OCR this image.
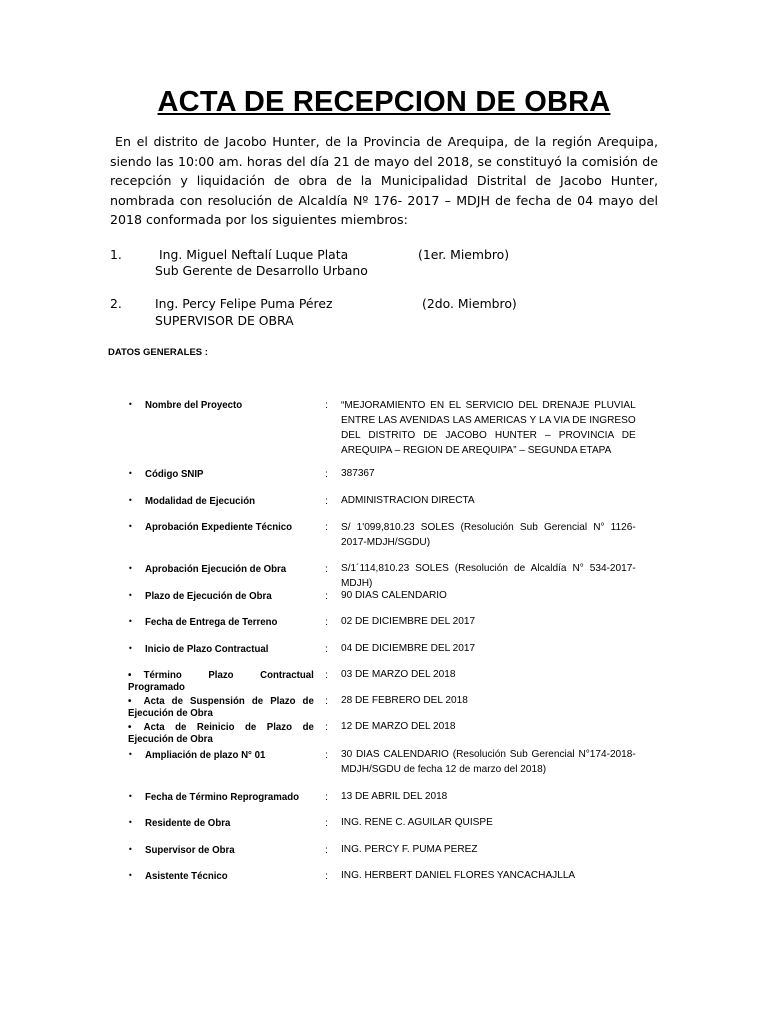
ACTA DE RECEPCION DE OBRA

En el distrito de Jacobo Hunter, de la Provincia de Arequipa, de la región Arequipa, siendo las 10:00 am. horas del día 21 de mayo del 2018, se constituyó la comisión de recepción y liquidación de obra de la Municipalidad Distrital de Jacobo Hunter, nombrada con resolución de Alcaldía Nº 176- 2017 – MDJH de fecha de 04 mayo del 2018 conformada por los siguientes miembros:

1.	Ing. Miguel Neftalí Luque Plata	(1er. Miembro)
Sub Gerente de Desarrollo Urbano
2.	Ing. Percy Felipe Puma Pérez	(2do. Miembro)
SUPERVISOR DE OBRA
DATOS GENERALES :
• Nombre del Proyecto	: “MEJORAMIENTO EN EL SERVICIO DEL DRENAJE PLUVIAL ENTRE LAS AVENIDAS LAS AMERICAS Y LA VIA DE INGRESO DEL DISTRITO DE JACOBO HUNTER – PROVINCIA DE AREQUIPA – REGION DE AREQUIPA” – SEGUNDA ETAPA
• Código SNIP	: 387367
• Modalidad de Ejecución	: ADMINISTRACION DIRECTA
• Aprobación Expediente Técnico	: S/ 1'099,810.23 SOLES (Resolución Sub Gerencial N° 1126-2017-MDJH/SGDU)
• Aprobación Ejecución de Obra	: S/1´114,810.23 SOLES (Resolución de Alcaldía N° 534-2017-MDJH)
• Plazo de Ejecución de Obra	: 90 DIAS CALENDARIO
• Fecha de Entrega de Terreno	: 02 DE DICIEMBRE DEL 2017
• Inicio de Plazo Contractual	: 04 DE DICIEMBRE DEL 2017
• Término Plazo Contractual Programado
: 03 DE MARZO DEL 2018
• Acta de Suspensión de Plazo de Ejecución de Obra
: 28 DE FEBRERO DEL 2018
• Acta de Reinicio de Plazo de Ejecución de Obra
: 12 DE MARZO DEL 2018
• Ampliación de plazo N° 01	: 30 DIAS CALENDARIO (Resolución Sub Gerencial N°174-2018-MDJH/SGDU de fecha 12 de marzo del 2018)
• Fecha de Término Reprogramado	: 13 DE ABRIL DEL 2018
• Residente de Obra	: ING. RENE C. AGUILAR QUISPE
• Supervisor de Obra	: ING. PERCY F. PUMA PEREZ
• Asistente Técnico	: ING. HERBERT DANIEL FLORES YANCACHAJLLA
